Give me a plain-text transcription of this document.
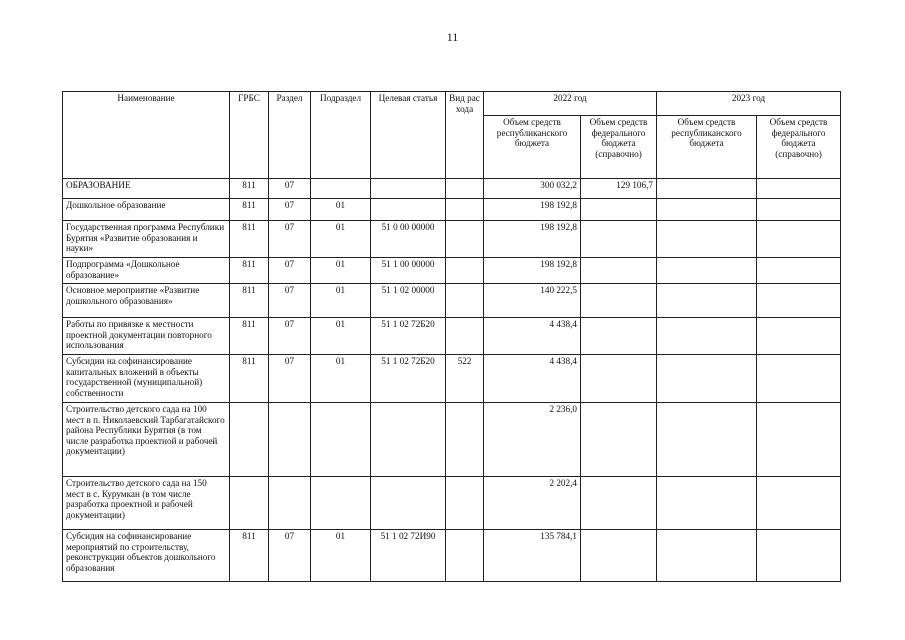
11
Наименование	ГРБС	Раздел	Подраздел	Целевая статья	Вид расхода	2022 год		2023 год	
						Объем средств республиканского бюджета	Объем средств федерального бюджета (справочно)	Объем средств республиканского бюджета	Объем средств федерального бюджета (справочно)
ОБРАЗОВАНИЕ	811	07				300 032,2	129 106,7		
Дошкольное образование	811	07	01			198 192,8			
Государственная программа Республики Бурятия «Развитие образования и науки»	811	07	01	51 0 00 00000		198 192,8			
Подпрограмма «Дошкольное образование»	811	07	01	51 1 00 00000		198 192,8			
Основное мероприятие «Развитие дошкольного образования»	811	07	01	51 1 02 00000		140 222,5			
Работы по привязке к местности проектной документации повторного использования	811	07	01	51 1 02 72Б20		4 438,4			
Субсидии на софинансирование капитальных вложений в объекты государственной (муниципальной) собственности	811	07	01	51 1 02 72Б20	522	4 438,4			
Строительство детского сада на 100 мест в п. Николаевский Тарбагатайского района Республики Бурятия (в том числе разработка проектной и рабочей документации)						2 236,0			
Строительство детского сада на 150 мест в с. Курумкан (в том числе разработка проектной и рабочей документации)						2 202,4			
Субсидия на софинансирование мероприятий по строительству, реконструкции объектов дошкольного образования	811	07	01	51 1 02 72И90		135 784,1			
